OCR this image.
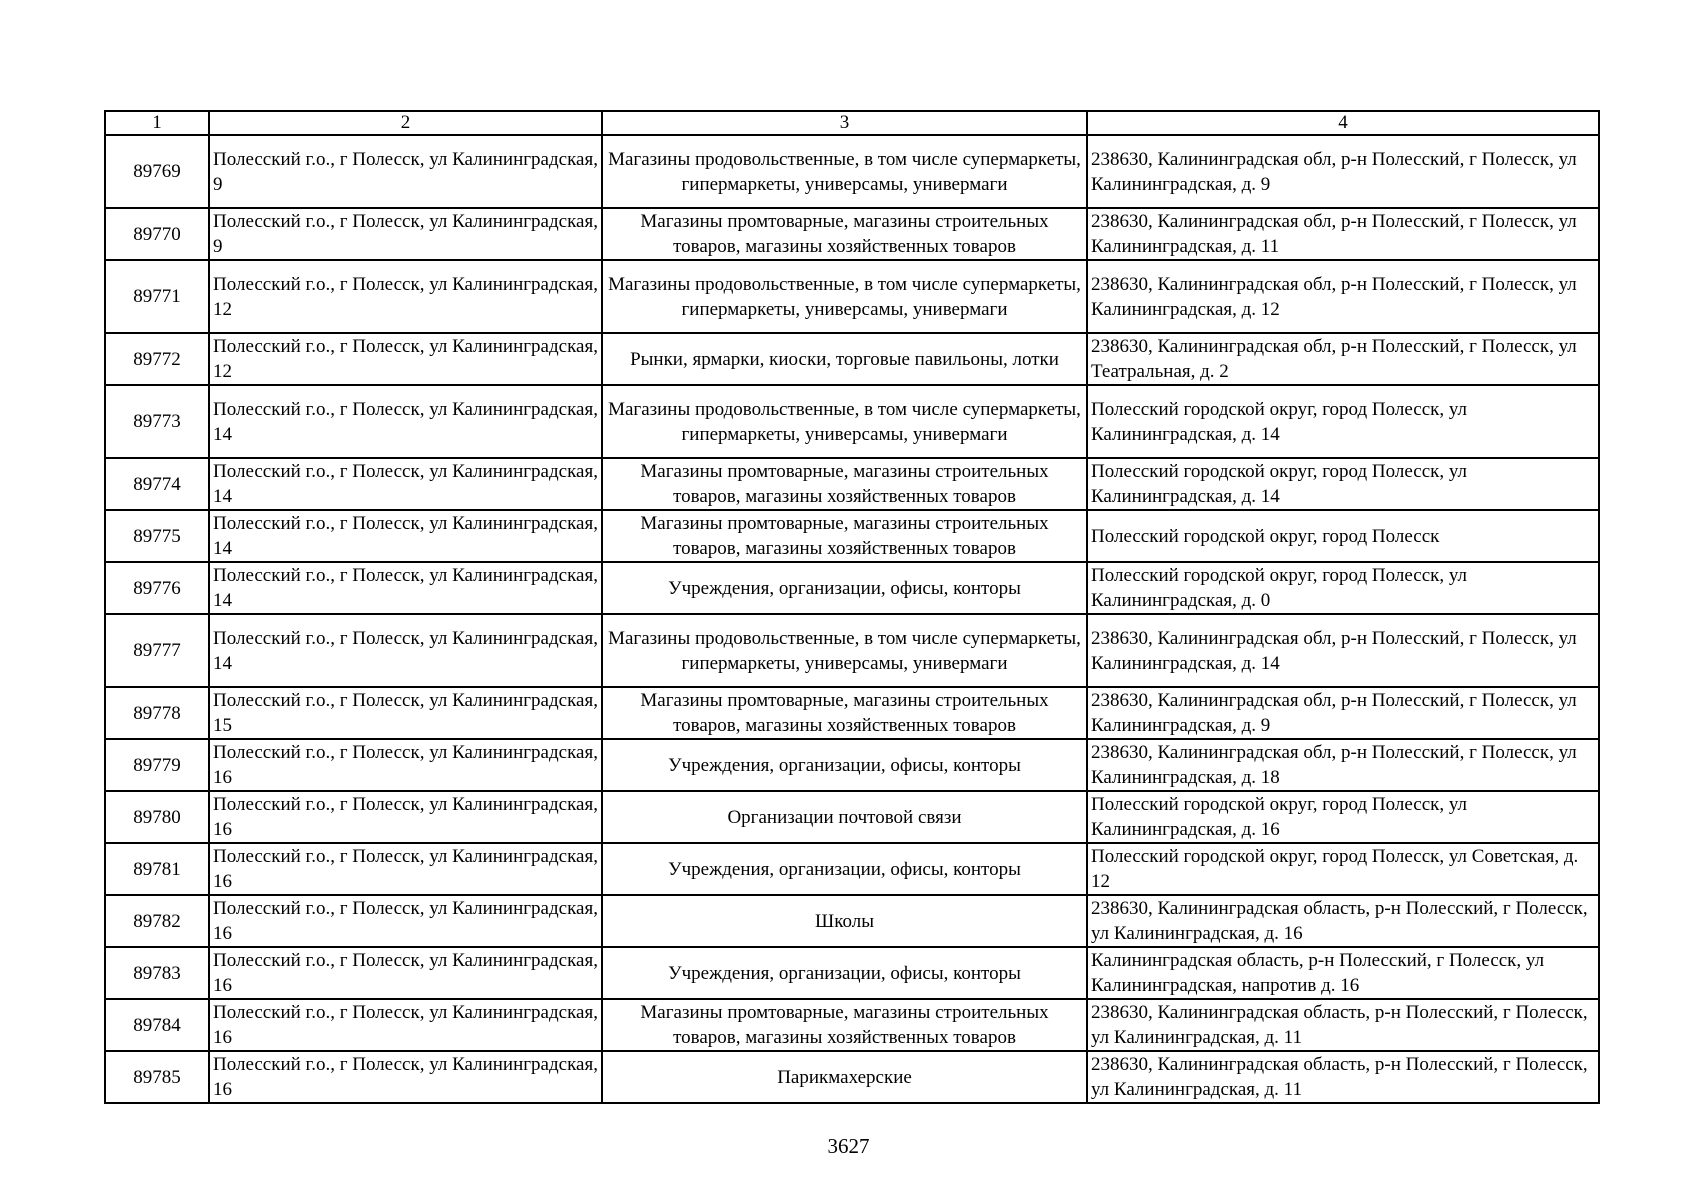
1	2	3	4
89769	Полесский г.о., г Полесск, ул Калининградская, 9	Магазины продовольственные, в том числе супермаркеты, гипермаркеты, универсамы, универмаги	238630, Калининградская обл, р-н Полесский, г Полесск, ул Калининградская, д. 9
89770	Полесский г.о., г Полесск, ул Калининградская, 9	Магазины промтоварные, магазины строительных товаров, магазины хозяйственных товаров	238630, Калининградская обл, р-н Полесский, г Полесск, ул Калининградская, д. 11
89771	Полесский г.о., г Полесск, ул Калининградская, 12	Магазины продовольственные, в том числе супермаркеты, гипермаркеты, универсамы, универмаги	238630, Калининградская обл, р-н Полесский, г Полесск, ул Калининградская, д. 12
89772	Полесский г.о., г Полесск, ул Калининградская, 12	Рынки, ярмарки, киоски, торговые павильоны, лотки	238630, Калининградская обл, р-н Полесский, г Полесск, ул Театральная, д. 2
89773	Полесский г.о., г Полесск, ул Калининградская, 14	Магазины продовольственные, в том числе супермаркеты, гипермаркеты, универсамы, универмаги	Полесский городской округ, город Полесск, ул Калининградская, д. 14
89774	Полесский г.о., г Полесск, ул Калининградская, 14	Магазины промтоварные, магазины строительных товаров, магазины хозяйственных товаров	Полесский городской округ, город Полесск, ул Калининградская, д. 14
89775	Полесский г.о., г Полесск, ул Калининградская, 14	Магазины промтоварные, магазины строительных товаров, магазины хозяйственных товаров	Полесский городской округ, город Полесск
89776	Полесский г.о., г Полесск, ул Калининградская, 14	Учреждения, организации, офисы, конторы	Полесский городской округ, город Полесск, ул Калининградская, д. 0
89777	Полесский г.о., г Полесск, ул Калининградская, 14	Магазины продовольственные, в том числе супермаркеты, гипермаркеты, универсамы, универмаги	238630, Калининградская обл, р-н Полесский, г Полесск, ул Калининградская, д. 14
89778	Полесский г.о., г Полесск, ул Калининградская, 15	Магазины промтоварные, магазины строительных товаров, магазины хозяйственных товаров	238630, Калининградская обл, р-н Полесский, г Полесск, ул Калининградская, д. 9
89779	Полесский г.о., г Полесск, ул Калининградская, 16	Учреждения, организации, офисы, конторы	238630, Калининградская обл, р-н Полесский, г Полесск, ул Калининградская, д. 18
89780	Полесский г.о., г Полесск, ул Калининградская, 16	Организации почтовой связи	Полесский городской округ, город Полесск, ул Калининградская, д. 16
89781	Полесский г.о., г Полесск, ул Калининградская, 16	Учреждения, организации, офисы, конторы	Полесский городской округ, город Полесск, ул Советская, д. 12
89782	Полесский г.о., г Полесск, ул Калининградская, 16	Школы	238630, Калининградская область, р-н Полесский, г Полесск, ул Калининградская, д. 16
89783	Полесский г.о., г Полесск, ул Калининградская, 16	Учреждения, организации, офисы, конторы	Калининградская область, р-н Полесский, г Полесск, ул Калининградская, напротив д. 16
89784	Полесский г.о., г Полесск, ул Калининградская, 16	Магазины промтоварные, магазины строительных товаров, магазины хозяйственных товаров	238630, Калининградская область, р-н Полесский, г Полесск, ул Калининградская, д. 11
89785	Полесский г.о., г Полесск, ул Калининградская, 16	Парикмахерские	238630, Калининградская область, р-н Полесский, г Полесск, ул Калининградская, д. 11
3627
